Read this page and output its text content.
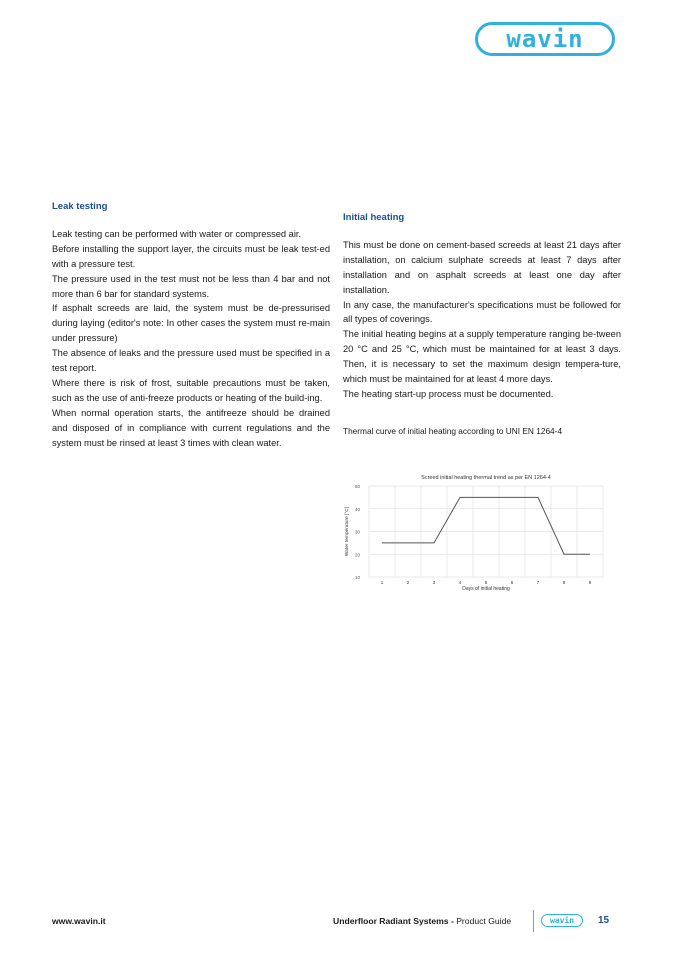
wavin
Leak testing

Leak testing can be performed with water or compressed air.

Before installing the support layer, the circuits must be leak test-ed with a pressure test.

The pressure used in the test must not be less than 4 bar and not more than 6 bar for standard systems.

If asphalt screeds are laid, the system must be de-pressurised during laying (editor's note: In other cases the system must re-main under pressure)

The absence of leaks and the pressure used must be specified in a test report.

Where there is risk of frost, suitable precautions must be taken, such as the use of anti-freeze products or heating of the build-ing.

When normal operation starts, the antifreeze should be drained and disposed of in compliance with current regulations and the system must be rinsed at least 3 times with clean water.

Initial heating

This must be done on cement-based screeds at least 21 days after installation, on calcium sulphate screeds at least 7 days after installation and on asphalt screeds at least one day after installation.

In any case, the manufacturer's specifications must be followed for all types of coverings.

The initial heating begins at a supply temperature ranging be-tween 20 °C and 25 °C, which must be maintained for at least 3 days. Then, it is necessary to set the maximum design tempera-ture, which must be maintained for at least 4 more days.

The heating start-up process must be documented.

Thermal curve of initial heating according to UNI EN 1264-4
10
20
30
40
50
1	2	3	4	5	6	7	8	9
Screed initial heating thermal trend as per EN 1264-4
Days of initial heating
Water temperature [°C]
www.wavin.it	Underfloor Radiant Systems - Product Guide	wavin 15
